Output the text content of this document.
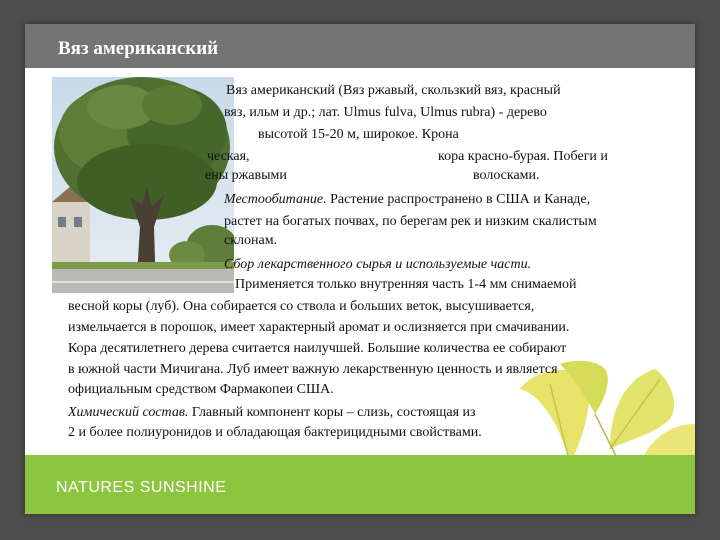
Вяз американский
Вяз американский (Вяз ржавый, скользкий вяз, красный
вяз, ильм и др.; лат. Ulmus fulva, Ulmus rubra) - дерево
высотой 15-20 м, широкое. Крона
ческая,	кора красно-бурая. Побеги и
ены ржавыми	волосками.
Местообитание. Растение распространено в США и Канаде,
растет на богатых почвах, по берегам рек и низким скалистым
склонам.
Сбор лекарственного сырья и используемые части.
Применяется только внутренняя часть 1-4 мм снимаемой
весной коры (луб). Она собирается со ствола и больших веток, высушивается,
измельчается в порошок, имеет характерный аромат и ослизняется при смачивании.
Кора десятилетнего дерева считается наилучшей. Большие количества ее собирают
в южной части Мичигана. Луб имеет важную лекарственную ценность и является
официальным средством Фармакопеи США.
Химический состав. Главный компонент коры – слизь, состоящая из
2 и более полиуронидов и обладающая бактерицидными свойствами.
NATURES SUNSHINE
